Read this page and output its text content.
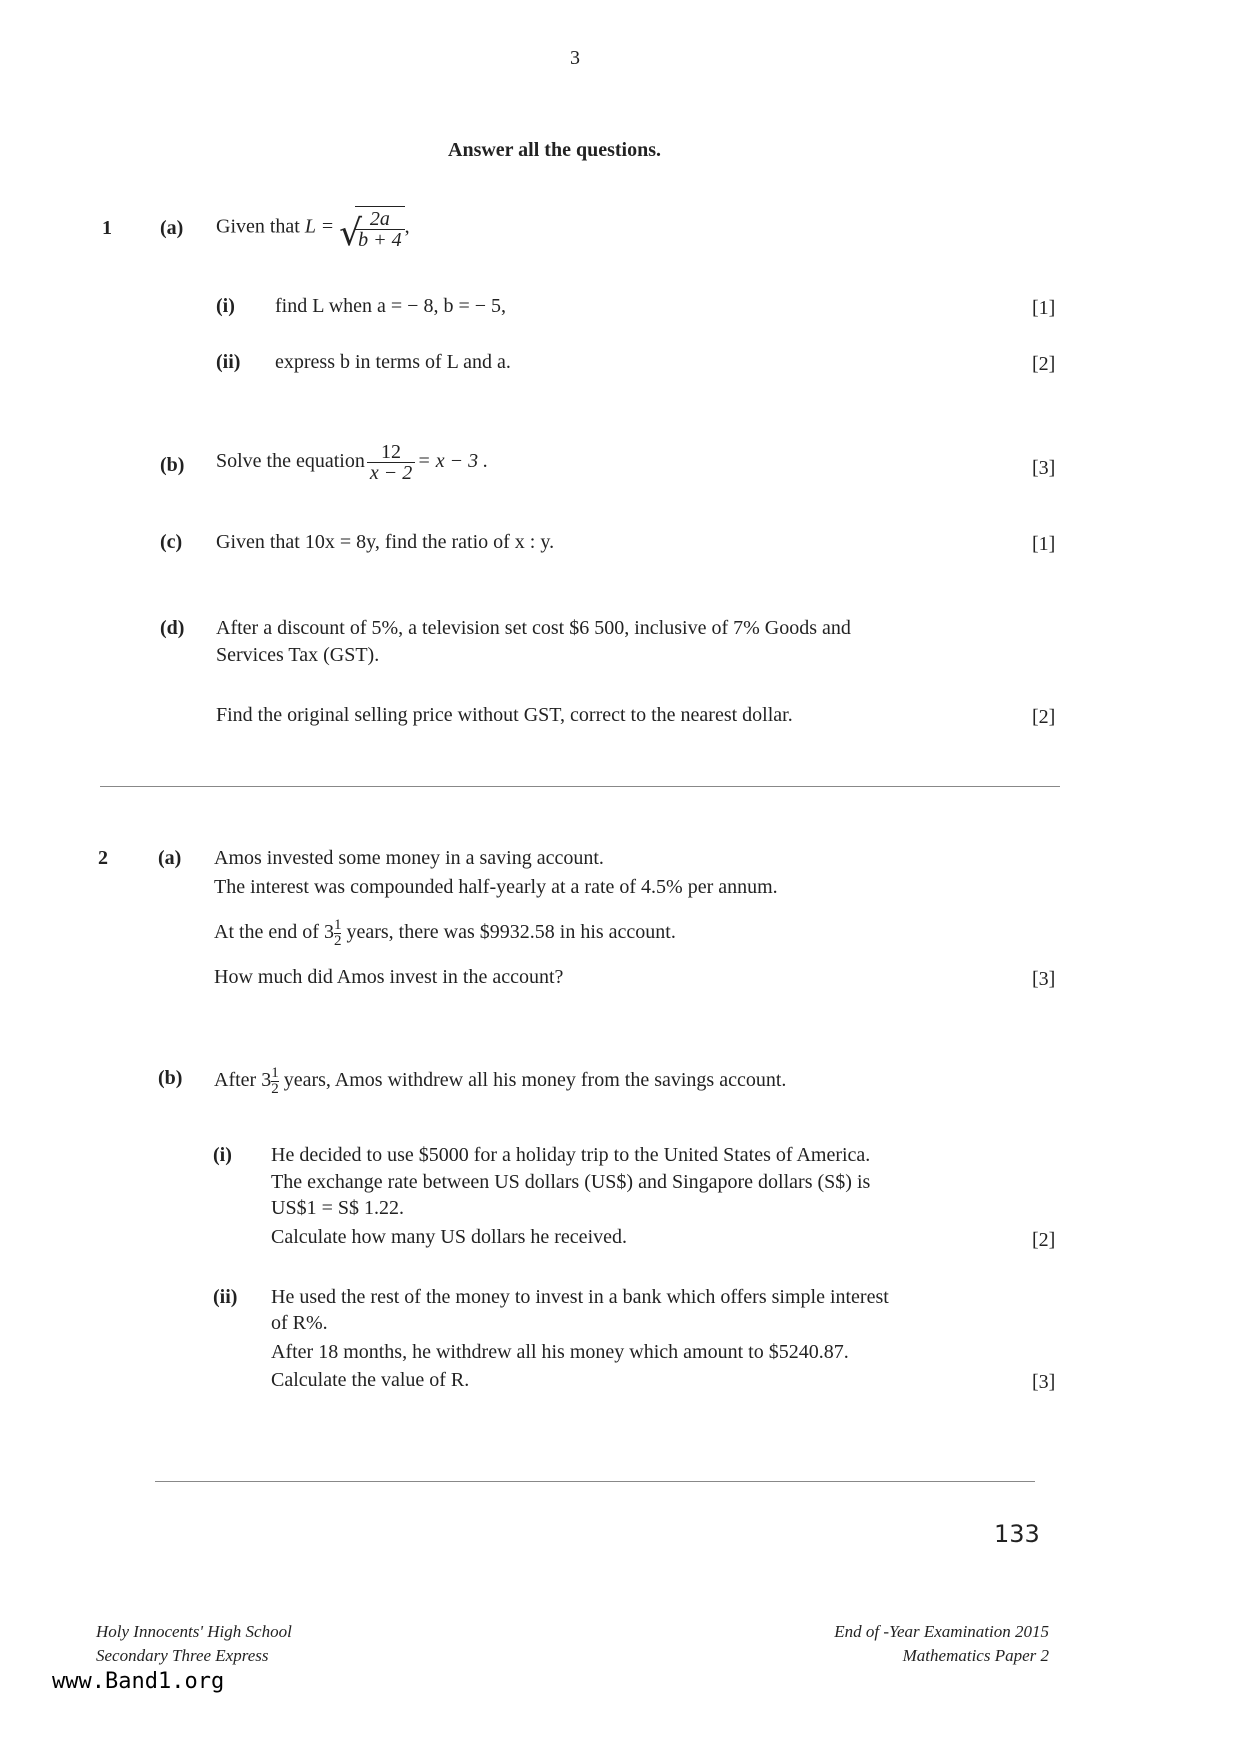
3
Answer all the questions.
1 (a) Given that L = √ $\frac{2a}{b + 4}$ ,
(i) find L when a = − 8, b = − 5,	[1]
(ii) express b in terms of L and a.	[2]
(b) Solve the equation $\frac{12}{x - 2} = x - 3$ .	[3]
(c) Given that 10x = 8y, find the ratio of x : y.	[1]
(d) After a discount of 5%, a television set cost $6 500, inclusive of 7% Goods and
Services Tax (GST).
Find the original selling price without GST, correct to the nearest dollar.	[2]
2	(a) Amos invested some money in a saving account.
The interest was compounded half-yearly at a rate of 4.5% per annum.
At the end of $3 \frac{1}{2}$ years, there was $9932.58 in his account.
How much did Amos invest in the account?	[3]
(b) After $3 \frac{1}{2}$ years, Amos withdrew all his money from the savings account.
(i) He decided to use $5000 for a holiday trip to the United States of America.
The exchange rate between US dollars (US$) and Singapore dollars (S$) is
US$1 = S$ 1.22.
Calculate how many US dollars he received.	[2]
(ii) He used the rest of the money to invest in a bank which offers simple interest
of R%.
After 18 months, he withdrew all his money which amount to $5240.87.
Calculate the value of R.	[3]
133
Holy Innocents' High School
Secondary Three Express
End of -Year Examination 2015
Mathematics Paper 2
www.Band1.org
